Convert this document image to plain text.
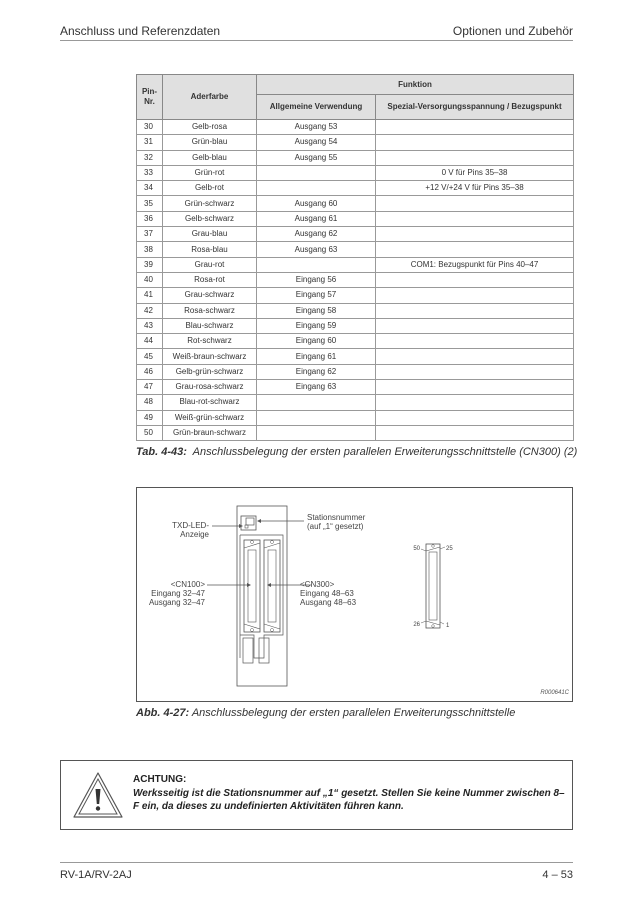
Anschluss und Referenzdaten	Optionen und Zubehör
Pin-Nr.	Aderfarbe	Funktion	
		Allgemeine Verwendung	Spezial-Versorgungsspannung / Bezugspunkt
30	Gelb-rosa	Ausgang 53	
31	Grün-blau	Ausgang 54	
32	Gelb-blau	Ausgang 55	
33	Grün-rot		0 V für Pins 35–38
34	Gelb-rot		+12 V/+24 V für Pins 35–38
35	Grün-schwarz	Ausgang 60	
36	Gelb-schwarz	Ausgang 61	
37	Grau-blau	Ausgang 62	
38	Rosa-blau	Ausgang 63	
39	Grau-rot		COM1: Bezugspunkt für Pins 40–47
40	Rosa-rot	Eingang 56	
41	Grau-schwarz	Eingang 57	
42	Rosa-schwarz	Eingang 58	
43	Blau-schwarz	Eingang 59	
44	Rot-schwarz	Eingang 60	
45	Weiß-braun-schwarz	Eingang 61	
46	Gelb-grün-schwarz	Eingang 62	
47	Grau-rosa-schwarz	Eingang 63	
48	Blau-rot-schwarz		
49	Weiß-grün-schwarz		
50	Grün-braun-schwarz		
Tab. 4-43: Anschlussbelegung der ersten parallelen Erweiterungsschnittstelle (CN300) (2)
Stationsnummer
(auf „1“ gesetzt)
TXD-LED-
Anzeige
<CN100>
Eingang 32–47
Ausgang 32–47
<CN300>
Eingang 48–63
Ausgang 48–63
50	25
26	1
R000641C
Abb. 4-27: Anschlussbelegung der ersten parallelen Erweiterungsschnittstelle
ACHTUNG:
Werksseitig ist die Stationsnummer auf „1“ gesetzt. Stellen Sie keine Nummer zwischen 8–F ein, da dieses zu undefinierten Aktivitäten führen kann.
RV-1A/RV-2AJ	4 – 53
